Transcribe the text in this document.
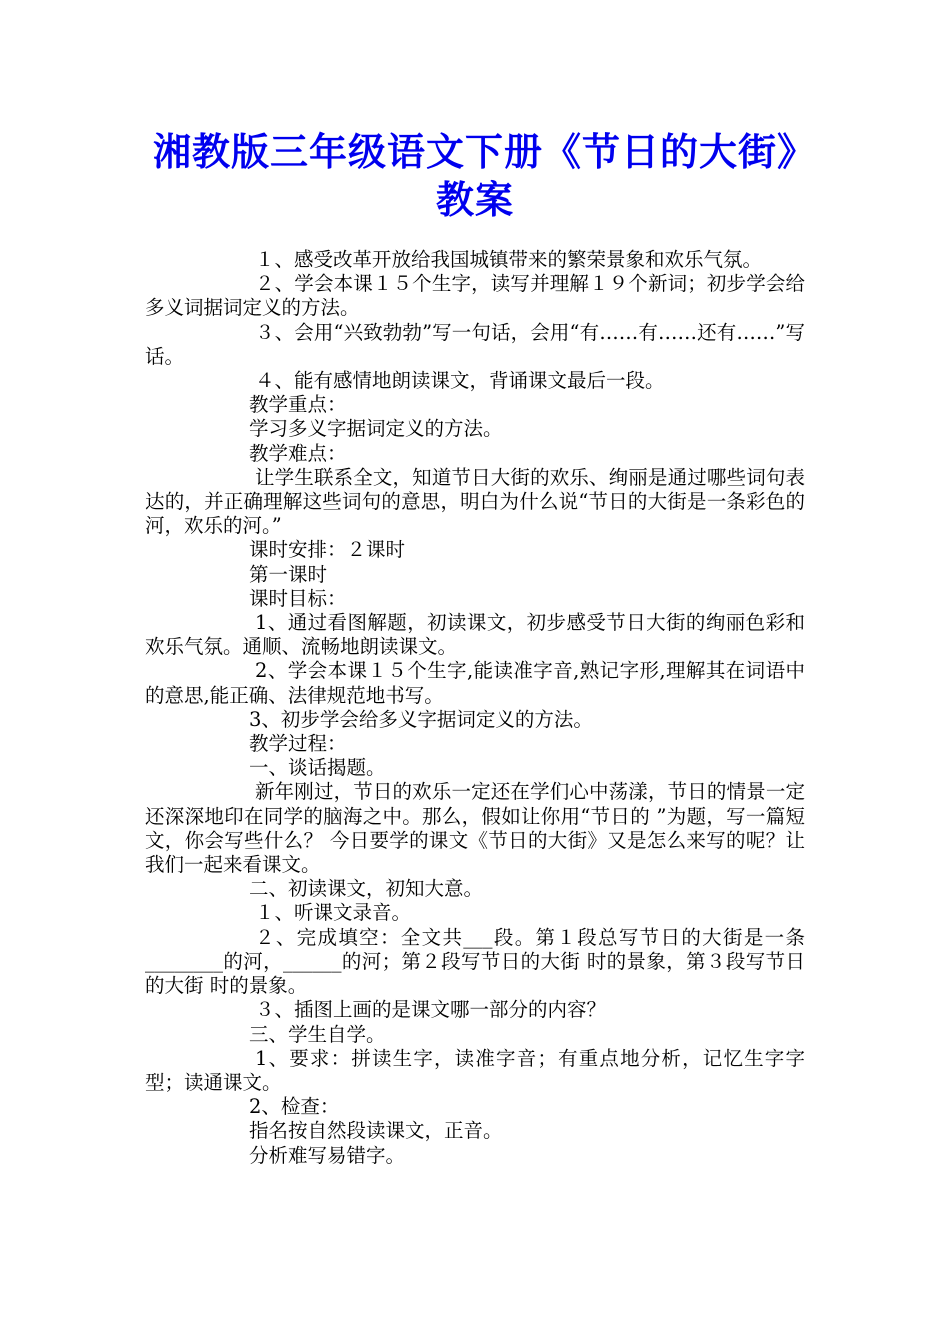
湘教版三年级语文下册《节日的大街》教案

１、感受改革开放给我国城镇带来的繁荣景象和欢乐气氛。

２、学会本课１５个生字，读写并理解１９个新词；初步学会给多义词据词定义的方法。

３、会用“兴致勃勃”写一句话，会用“有……有……还有……”写话。

４、能有感情地朗读课文，背诵课文最后一段。

教学重点：

学习多义字据词定义的方法。

教学难点：

让学生联系全文，知道节日大街的欢乐、绚丽是通过哪些词句表达的，并正确理解这些词句的意思，明白为什么说“节日的大街是一条彩色的河，欢乐的河。”

课时安排：２课时

第一课时

课时目标：

1、通过看图解题，初读课文，初步感受节日大街的绚丽色彩和欢乐气氛。通顺、流畅地朗读课文。

2、学会本课１５个生字,能读准字音,熟记字形,理解其在词语中的意思,能正确、法律规范地书写。

3、初步学会给多义字据词定义的方法。

教学过程：

一、谈话揭题。

新年刚过，节日的欢乐一定还在学们心中荡漾，节日的情景一定还深深地印在同学的脑海之中。那么，假如让你用“节日的 ”为题，写一篇短文，你会写些什么？ 今日要学的课文《节日的大街》又是怎么来写的呢？让我们一起来看课文。

二、初读课文，初知大意。

１、听课文录音。

２、完成填空：全文共___段。第１段总写节日的大街是一条________的河，______的河；第２段写节日的大街 时的景象，第３段写节日的大街 时的景象。

３、插图上画的是课文哪一部分的内容？

三、学生自学。

1、要求：拼读生字，读准字音；有重点地分析，记忆生字字型；读通课文。

2、检查：

指名按自然段读课文，正音。

分析难写易错字。
